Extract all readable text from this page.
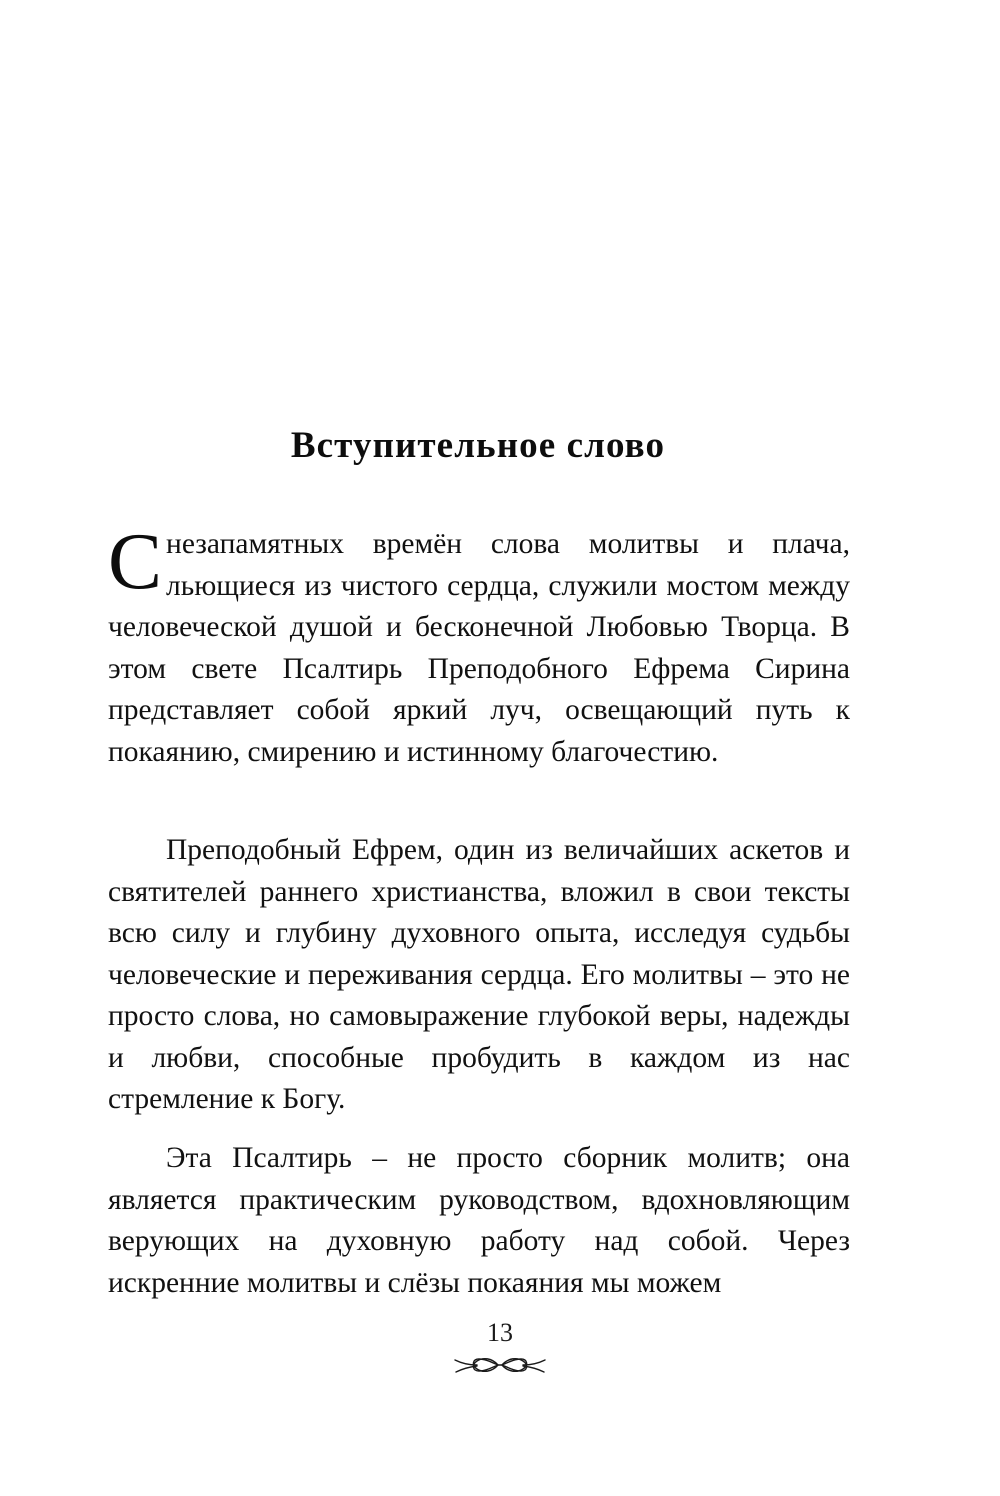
Вступительное слово

Снезапамятных времён слова молитвы и плача, льющиеся из чистого сердца, служили мостом между человеческой душой и бесконечной Любовью Творца. В этом свете Псалтирь Преподобного Ефрема Сирина представляет собой яркий луч, освещающий путь к покаянию, смирению и истинному благочестию.

Преподобный Ефрем, один из величайших аскетов и святителей раннего христианства, вложил в свои тексты всю силу и глубину духовного опыта, исследуя судьбы человеческие и переживания сердца. Его молитвы – это не просто слова, но самовыражение глубокой веры, надежды и любви, способные пробудить в каждом из нас стремление к Богу.

Эта Псалтирь – не просто сборник молитв; она является практическим руководством, вдохновляющим верующих на духовную работу над собой. Через искренние молитвы и слёзы покаяния мы можем

13
